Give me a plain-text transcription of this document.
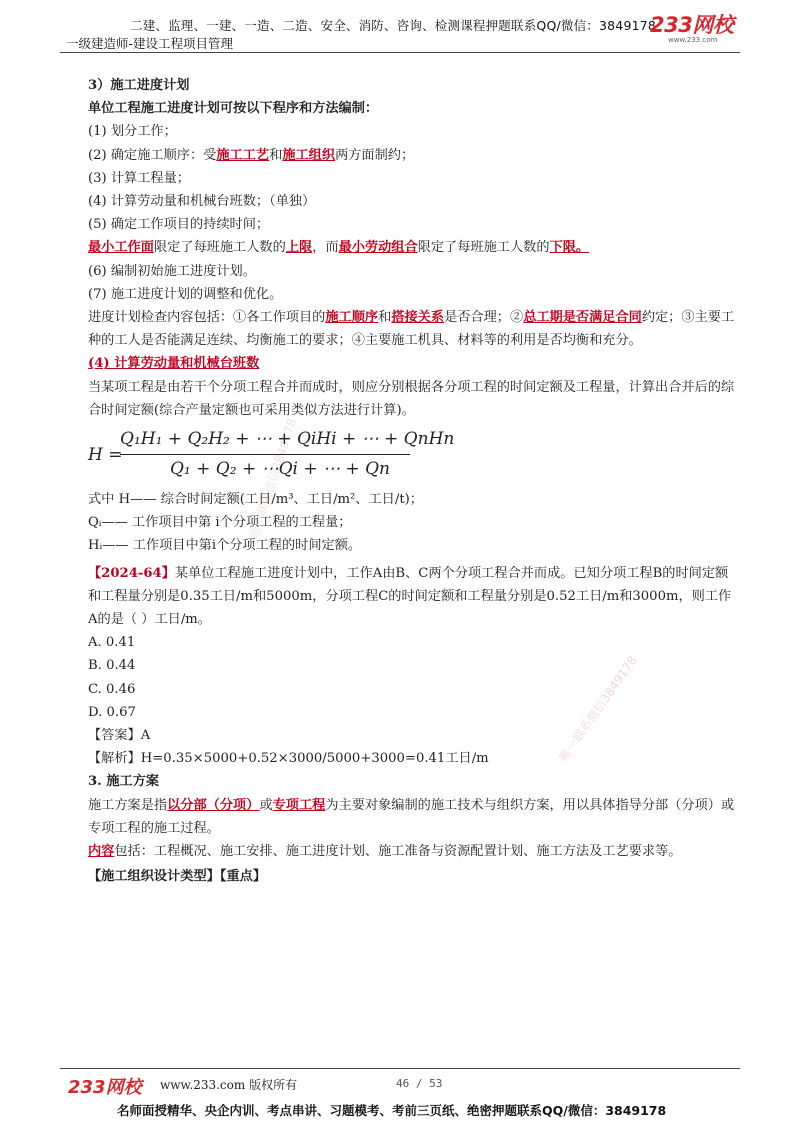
二建、监理、一建、一造、二造、安全、消防、咨询、检测课程押题联系QQ/微信：3849178
一级建造师-建设工程项目管理
233网校
www.233.com
唯一联系微信3849178
唯一联系微信3849178

3）施工进度计划

单位工程施工进度计划可按以下程序和方法编制：

(1) 划分工作；

(2) 确定施工顺序：受施工工艺和施工组织两方面制约；

(3) 计算工程量；

(4) 计算劳动量和机械台班数；（单独）

(5) 确定工作项目的持续时间；

最小工作面限定了每班施工人数的上限，而最小劳动组合限定了每班施工人数的下限。

(6) 编制初始施工进度计划。

(7) 施工进度计划的调整和优化。

进度计划检查内容包括：①各工作项目的施工顺序和搭接关系是否合理；②总工期是否满足合同约定；③主要工种的工人是否能满足连续、均衡施工的要求；④主要施工机具、材料等的利用是否均衡和充分。

(4) 计算劳动量和机械台班数

当某项工程是由若干个分项工程合并而成时，则应分别根据各分项工程的时间定额及工程量，计算出合并后的综合时间定额(综合产量定额也可采用类似方法进行计算)。

H =
Q₁H₁ + Q₂H₂ + ⋯ + QiHi + ⋯ + QnHn
Q₁ + Q₂ + ⋯Qi + ⋯ + Qn

式中 H—— 综合时间定额(工日/m³、工日/m²、工日/t)；

Qᵢ—— 工作项目中第 i个分项工程的工程量；

Hᵢ—— 工作项目中第i个分项工程的时间定额。

【2024-64】某单位工程施工进度计划中，工作A由B、C两个分项工程合并而成。已知分项工程B的时间定额和工程量分别是0.35工日/m和5000m，分项工程C的时间定额和工程量分别是0.52工日/m和3000m，则工作A的是（ ）工日/m。

A. 0.41

B. 0.44

C. 0.46

D. 0.67

【答案】A

【解析】H=0.35×5000+0.52×3000/5000+3000=0.41工日/m

3. 施工方案

施工方案是指以分部（分项）或专项工程为主要对象编制的施工技术与组织方案，用以具体指导分部（分项）或专项工程的施工过程。

内容包括：工程概况、施工安排、施工进度计划、施工准备与资源配置计划、施工方法及工艺要求等。

【施工组织设计类型】【重点】

233网校 www.233.com 版权所有	46 / 53
名师面授精华、央企内训、考点串讲、习题模考、考前三页纸、绝密押题联系QQ/微信：3849178
